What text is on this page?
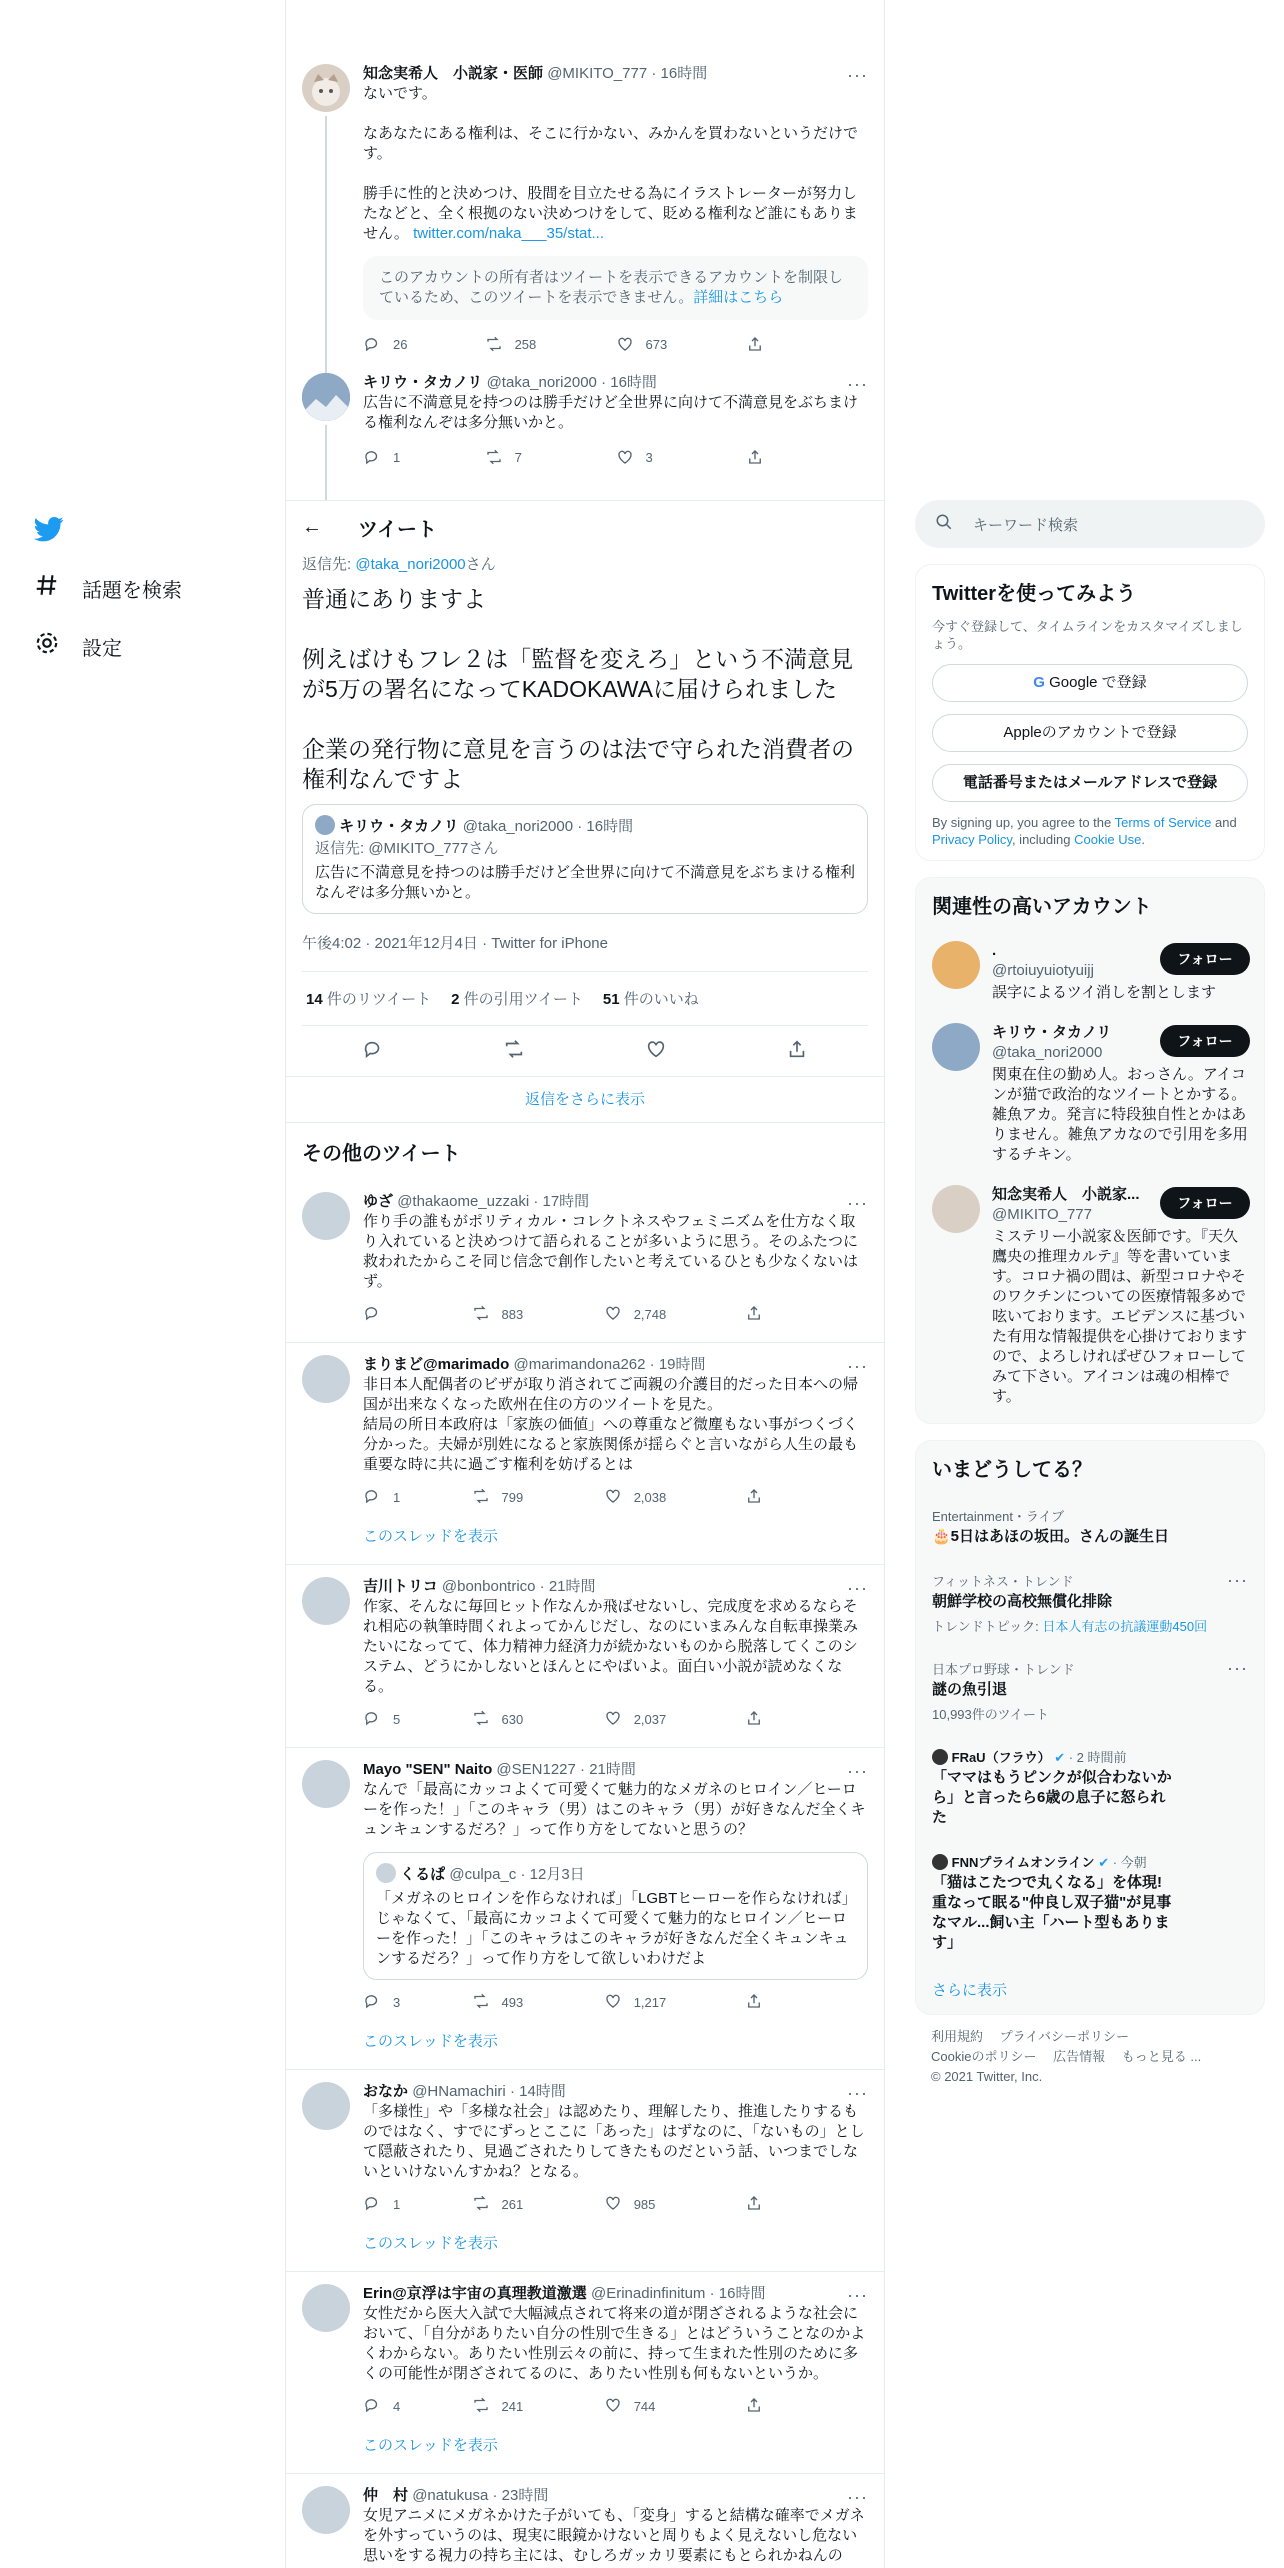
話題を検索
設定
知念実希人　小説家・医師 @MIKITO_777 · 16時間	···
ないです。

なあなたにある権利は、そこに行かない、みかんを買わないというだけです。

勝手に性的と決めつけ、股間を目立たせる為にイラストレーターが努力したなどと、全く根拠のない決めつけをして、貶める権利など誰にもありません。 twitter.com/naka___35/stat...
このアカウントの所有者はツイートを表示できるアカウントを制限しているため、このツイートを表示できません。詳細はこちら
26	258	673
キリウ・タカノリ @taka_nori2000 · 16時間	···
広告に不満意見を持つのは勝手だけど全世界に向けて不満意見をぶちまける権利なんぞは多分無いかと。
1	7	3
← ツイート
返信先: @taka_nori2000さん
普通にありますよ

例えばけもフレ２は「監督を変えろ」という不満意見が5万の署名になってKADOKAWAに届けられました

企業の発行物に意見を言うのは法で守られた消費者の権利なんですよ
キリウ・タカノリ @taka_nori2000 · 16時間
返信先: @MIKITO_777さん
広告に不満意見を持つのは勝手だけど全世界に向けて不満意見をぶちまける権利なんぞは多分無いかと。
午後4:02 · 2021年12月4日 · Twitter for iPhone
14 件のリツイート 2 件の引用ツイート 51 件のいいね
返信をさらに表示
その他のツイート
···
ゆざ @thakaome_uzzaki · 17時間
作り手の誰もがポリティカル・コレクトネスやフェミニズムを仕方なく取り入れていると決めつけて語られることが多いように思う。そのふたつに救われたからこそ同じ信念で創作したいと考えているひとも少なくないはず。
883	2,748
···
まりまど@marimado @marimandona262 · 19時間
非日本人配偶者のビザが取り消されてご両親の介護目的だった日本への帰国が出来なくなった欧州在住の方のツイートを見た。
結局の所日本政府は「家族の価値」への尊重など微塵もない事がつくづく分かった。夫婦が別姓になると家族関係が揺らぐと言いながら人生の最も重要な時に共に過ごす権利を妨げるとは
1	799	2,038
このスレッドを表示
···
吉川トリコ @bonbontrico · 21時間
作家、そんなに毎回ヒット作なんか飛ばせないし、完成度を求めるならそれ相応の執筆時間くれよってかんじだし、なのにいまみんな自転車操業みたいになってて、体力精神力経済力が続かないものから脱落してくこのシステム、どうにかしないとほんとにやばいよ。面白い小説が読めなくなる。
5	630	2,037
···
Mayo "SEN" Naito @SEN1227 · 21時間
なんで「最高にカッコよくて可愛くて魅力的なメガネのヒロイン／ヒーローを作った！」「このキャラ（男）はこのキャラ（男）が好きなんだ全くキュンキュンするだろ？」って作り方をしてないと思うの？
くるぱ @culpa_c · 12月3日
「メガネのヒロインを作らなければ」「LGBTヒーローを作らなければ」じゃなくて、「最高にカッコよくて可愛くて魅力的なヒロイン／ヒーローを作った！」「このキャラはこのキャラが好きなんだ全くキュンキュンするだろ？」って作り方をして欲しいわけだよ
3	493	1,217
このスレッドを表示
···
おなか @HNamachiri · 14時間
「多様性」や「多様な社会」は認めたり、理解したり、推進したりするものではなく、すでにずっとここに「あった」はずなのに、「ないもの」として隠蔽されたり、見過ごされたりしてきたものだという話、いつまでしないといけないんすかね？となる。
1	261	985
このスレッドを表示
···
Erin@京浮は宇宙の真理教道激選 @Erinadinfinitum · 16時間
女性だから医大入試で大幅減点されて将来の道が閉ざされるような社会において、「自分がありたい自分の性別で生きる」とはどういうことなのかよくわからない。ありたい性別云々の前に、持って生まれた性別のために多くの可能性が閉ざされてるのに、ありたい性別も何もないというか。
4	241	744
このスレッドを表示
···
仲　村 @natukusa · 23時間
女児アニメにメガネかけた子がいても、「変身」すると結構な確率でメガネを外すっていうのは、現実に眼鏡かけないと周りもよく見えないし危ない思いをする視力の持ち主には、むしろガッカリ要素にもとられかねんの
キーワード検索
Twitterを使ってみよう
今すぐ登録して、タイムラインをカスタマイズしましょう。
G Google で登録
Appleのアカウントで登録
電話番号またはメールアドレスで登録
By signing up, you agree to the Terms of Service and Privacy Policy, including Cookie Use.
関連性の高いアカウント
フォロー
.
@rtoiuyuiotyuijj
誤字によるツイ消しを割とします
フォロー
キリウ・タカノリ
@taka_nori2000
関東在住の勤め人。おっさん。アイコンが猫で政治的なツイートとかする。雑魚アカ。発言に特段独自性とかはありません。雑魚アカなので引用を多用するチキン。
フォロー
知念実希人　小説家...
@MIKITO_777
ミステリー小説家＆医師です。『天久鷹央の推理カルテ』等を書いています。コロナ禍の間は、新型コロナやそのワクチンについての医療情報多めで呟いております。エビデンスに基づいた有用な情報提供を心掛けておりますので、よろしければぜひフォローしてみて下さい。アイコンは魂の相棒です。
いまどうしてる？
Entertainment・ライブ
🎂5日はあほの坂田。さんの誕生日
···
フィットネス・トレンド
朝鮮学校の高校無償化排除
トレンドトピック: 日本人有志の抗議運動450回
···
日本プロ野球・トレンド
謎の魚引退
10,993件のツイート
FRaU（フラウ） ✔ · 2 時間前
「ママはもうピンクが似合わないから」と言ったら6歳の息子に怒られた
FNNプライムオンライン ✔ · 今朝
「猫はこたつで丸くなる」を体現! 重なって眠る"仲良し双子猫"が見事なマル...飼い主「ハート型もあります」
さらに表示
利用規約　 プライバシーポリシー
Cookieのポリシー　 広告情報　 もっと見る ...
© 2021 Twitter, Inc.
